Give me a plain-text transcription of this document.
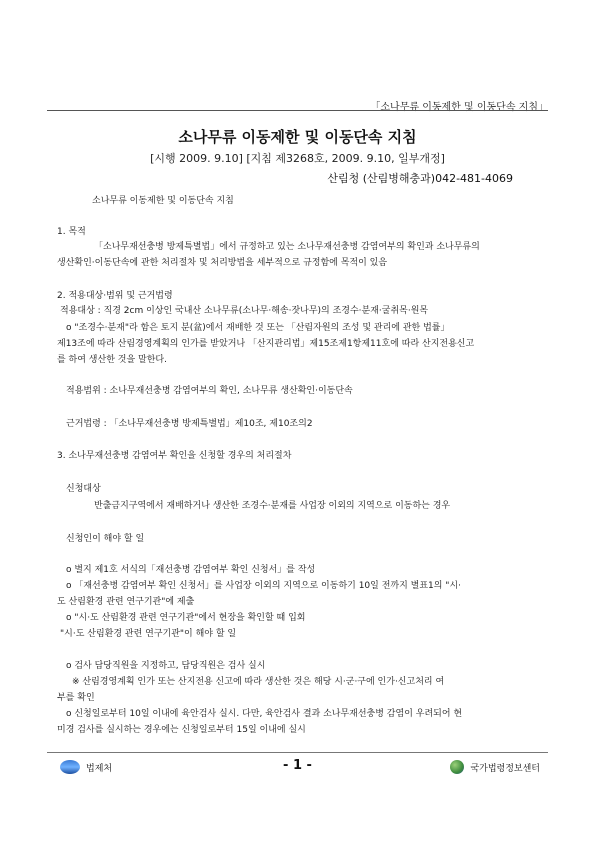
「소나무류 이동제한 및 이동단속 지침」
소나무류 이동제한 및 이동단속 지침
[시행 2009. 9.10] [지침 제3268호, 2009. 9.10, 일부개정]
산림청 (산림병해충과)042-481-4069
소나무류 이동제한 및 이동단속 지침
1. 목적
「소나무재선충병 방제특별법」에서 규정하고 있는 소나무재선충병 감염여부의 확인과 소나무류의
생산확인·이동단속에 관한 처리절차 및 처리방법을 세부적으로 규정함에 목적이 있음
2. 적용대상·범위 및 근거법령
적용대상 : 직경 2cm 이상인 국내산 소나무류(소나무·해송·잣나무)의 조경수·분재·굴취목·원목
o "조경수·분재"라 함은 토지 분(盆)에서 재배한 것 또는 「산림자원의 조성 및 관리에 관한 법률」
제13조에 따라 산림경영계획의 인가를 받았거나 「산지관리법」제15조제1항제11호에 따라 산지전용신고
를 하여 생산한 것을 말한다.
적용범위 : 소나무재선충병 감염여부의 확인, 소나무류 생산확인·이동단속
근거법령 : 「소나무재선충병 방제특별법」제10조, 제10조의2
3. 소나무재선충병 감염여부 확인을 신청할 경우의 처리절차
신청대상
반출금지구역에서 재배하거나 생산한 조경수·분재를 사업장 이외의 지역으로 이동하는 경우
신청인이 해야 할 일
o 별지 제1호 서식의「재선충병 감염여부 확인 신청서」를 작성
o 「재선충병 감염여부 확인 신청서」를 사업장 이외의 지역으로 이동하기 10일 전까지 별표1의 "시·
도 산림환경 관련 연구기관"에 제출
o "시·도 산림환경 관련 연구기관"에서 현장을 확인할 때 입회
"시·도 산림환경 관련 연구기관"이 해야 할 일
o 검사 담당직원을 지정하고, 담당직원은 검사 실시
※ 산림경영계획 인가 또는 산지전용 신고에 따라 생산한 것은 해당 시·군·구에 인가·신고처리 여
부를 확인
o 신청일로부터 10일 이내에 육안검사 실시. 다만, 육안검사 결과 소나무재선충병 감염이 우려되어 현
미경 검사를 실시하는 경우에는 신청일로부터 15일 이내에 실시
법제처	- 1 -	국가법령정보센터
